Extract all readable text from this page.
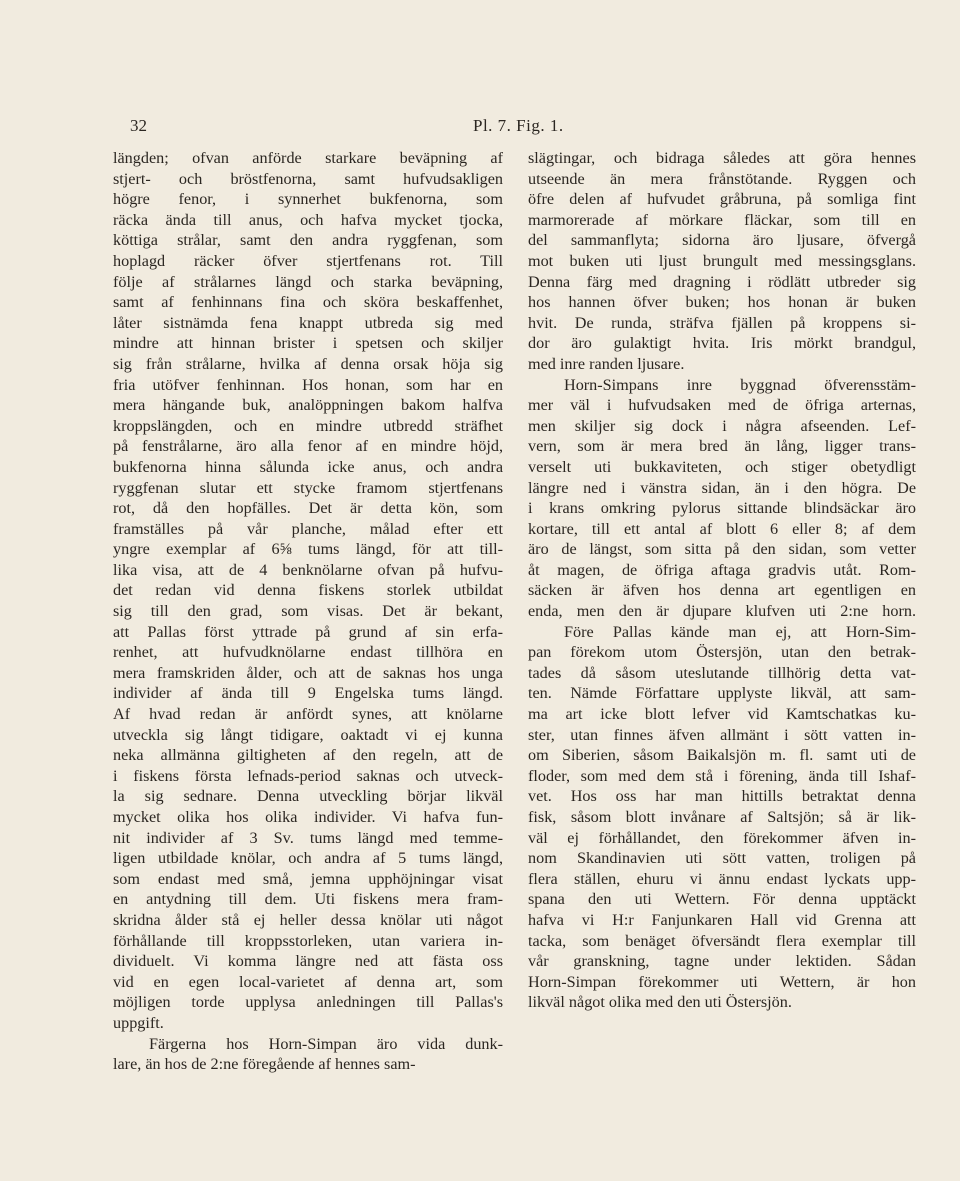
32	Pl. 7. Fig. 1.
längden; ofvan anförde starkare beväpning af
stjert- och bröstfenorna, samt hufvudsakligen
högre fenor, i synnerhet bukfenorna, som
räcka ända till anus, och hafva mycket tjocka,
köttiga strålar, samt den andra ryggfenan, som
hoplagd räcker öfver stjertfenans rot. Till
följe af strålarnes längd och starka beväpning,
samt af fenhinnans fina och sköra beskaffenhet,
låter sistnämda fena knappt utbreda sig med
mindre att hinnan brister i spetsen och skiljer
sig från strålarne, hvilka af denna orsak höja sig
fria utöfver fenhinnan. Hos honan, som har en
mera hängande buk, analöppningen bakom halfva
kroppslängden, och en mindre utbredd sträfhet
på fenstrålarne, äro alla fenor af en mindre höjd,
bukfenorna hinna sålunda icke anus, och andra
ryggfenan slutar ett stycke framom stjertfenans
rot, då den hopfälles. Det är detta kön, som
framställes på vår planche, målad efter ett
yngre exemplar af 6⅝ tums längd, för att till-
lika visa, att de 4 benknölarne ofvan på hufvu-
det redan vid denna fiskens storlek utbildat
sig till den grad, som visas. Det är bekant,
att Pallas först yttrade på grund af sin erfa-
renhet, att hufvudknölarne endast tillhöra en
mera framskriden ålder, och att de saknas hos unga
individer af ända till 9 Engelska tums längd.
Af hvad redan är anfördt synes, att knölarne
utveckla sig långt tidigare, oaktadt vi ej kunna
neka allmänna giltigheten af den regeln, att de
i fiskens första lefnads-period saknas och utveck-
la sig sednare. Denna utveckling börjar likväl
mycket olika hos olika individer. Vi hafva fun-
nit individer af 3 Sv. tums längd med temme-
ligen utbildade knölar, och andra af 5 tums längd,
som endast med små, jemna upphöjningar visat
en antydning till dem. Uti fiskens mera fram-
skridna ålder stå ej heller dessa knölar uti något
förhållande till kroppsstorleken, utan variera in-
dividuelt. Vi komma längre ned att fästa oss
vid en egen local-varietet af denna art, som
möjligen torde upplysa anledningen till Pallas's
uppgift.
Färgerna hos Horn-Simpan äro vida dunk-
lare, än hos de 2:ne föregående af hennes sam-
slägtingar, och bidraga således att göra hennes
utseende än mera frånstötande. Ryggen och
öfre delen af hufvudet gråbruna, på somliga fint
marmorerade af mörkare fläckar, som till en
del sammanflyta; sidorna äro ljusare, öfvergå
mot buken uti ljust brungult med messingsglans.
Denna färg med dragning i rödlätt utbreder sig
hos hannen öfver buken; hos honan är buken
hvit. De runda, sträfva fjällen på kroppens si-
dor äro gulaktigt hvita. Iris mörkt brandgul,
med inre randen ljusare.
Horn-Simpans inre byggnad öfverensstäm-
mer väl i hufvudsaken med de öfriga arternas,
men skiljer sig dock i några afseenden. Lef-
vern, som är mera bred än lång, ligger trans-
verselt uti bukkaviteten, och stiger obetydligt
längre ned i vänstra sidan, än i den högra. De
i krans omkring pylorus sittande blindsäckar äro
kortare, till ett antal af blott 6 eller 8; af dem
äro de längst, som sitta på den sidan, som vetter
åt magen, de öfriga aftaga gradvis utåt. Rom-
säcken är äfven hos denna art egentligen en
enda, men den är djupare klufven uti 2:ne horn.
Före Pallas kände man ej, att Horn-Sim-
pan förekom utom Östersjön, utan den betrak-
tades då såsom uteslutande tillhörig detta vat-
ten. Nämde Författare upplyste likväl, att sam-
ma art icke blott lefver vid Kamtschatkas ku-
ster, utan finnes äfven allmänt i sött vatten in-
om Siberien, såsom Baikalsjön m. fl. samt uti de
floder, som med dem stå i förening, ända till Ishaf-
vet. Hos oss har man hittills betraktat denna
fisk, såsom blott invånare af Saltsjön; så är lik-
väl ej förhållandet, den förekommer äfven in-
nom Skandinavien uti sött vatten, troligen på
flera ställen, ehuru vi ännu endast lyckats upp-
spana den uti Wettern. För denna upptäckt
hafva vi H:r Fanjunkaren Hall vid Grenna att
tacka, som benäget öfversändt flera exemplar till
vår granskning, tagne under lektiden. Sådan
Horn-Simpan förekommer uti Wettern, är hon
likväl något olika med den uti Östersjön.
